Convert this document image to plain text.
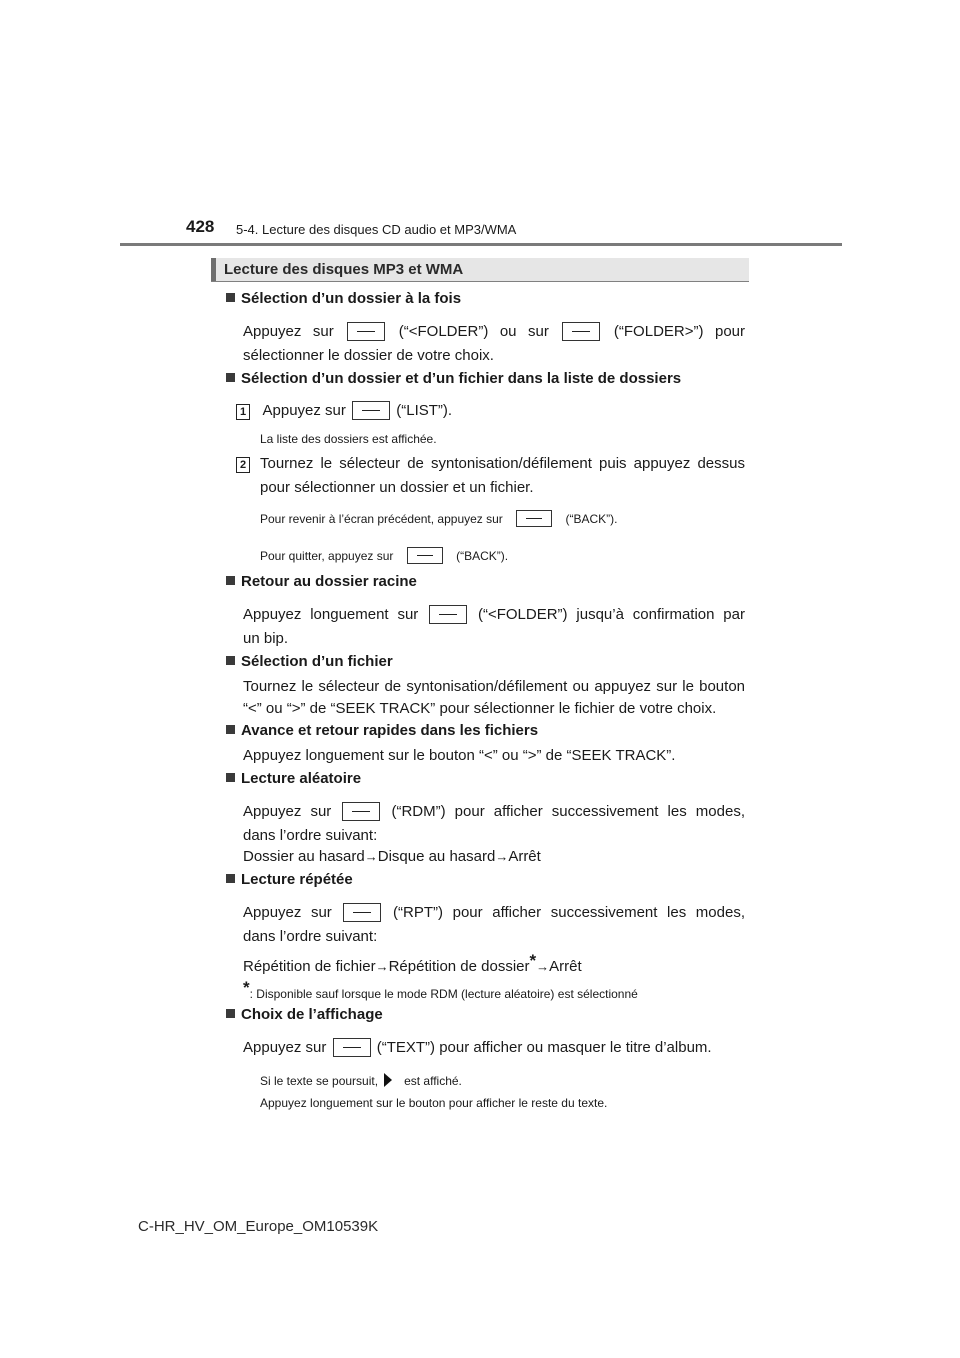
428 5-4. Lecture des disques CD audio et MP3/WMA
Lecture des disques MP3 et WMA
Sélection d’un dossier à la fois
Appuyez sur	(“<FOLDER”) ou sur	(“FOLDER>”) pour
sélectionner le dossier de votre choix.
Sélection d’un dossier et d’un fichier dans la liste de dossiers
1 Appuyez sur	(“LIST”).
La liste des dossiers est affichée.
2 Tournez le sélecteur de syntonisation/défilement puis appuyez dessus
pour sélectionner un dossier et un fichier.
Pour revenir à l’écran précédent, appuyez sur	(“BACK”).
Pour quitter, appuyez sur	(“BACK”).
Retour au dossier racine
Appuyez longuement sur	(“<FOLDER”) jusqu’à confirmation par
un bip.
Sélection d’un fichier
Tournez le sélecteur de syntonisation/défilement ou appuyez sur le bouton
“<” ou “>” de “SEEK TRACK” pour sélectionner le fichier de votre choix.
Avance et retour rapides dans les fichiers
Appuyez longuement sur le bouton “<” ou “>” de “SEEK TRACK”.
Lecture aléatoire
Appuyez sur	(“RDM”) pour afficher successivement les modes,
dans l’ordre suivant:
Dossier au hasard→Disque au hasard→Arrêt
Lecture répétée
Appuyez sur	(“RPT”) pour afficher successivement les modes,
dans l’ordre suivant:
Répétition de fichier→Répétition de dossier*→Arrêt
*: Disponible sauf lorsque le mode RDM (lecture aléatoire) est sélectionné
Choix de l’affichage
Appuyez sur	(“TEXT”) pour afficher ou masquer le titre d’album.
Si le texte se poursuit, est affiché.
Appuyez longuement sur le bouton pour afficher le reste du texte.
C-HR_HV_OM_Europe_OM10539K
